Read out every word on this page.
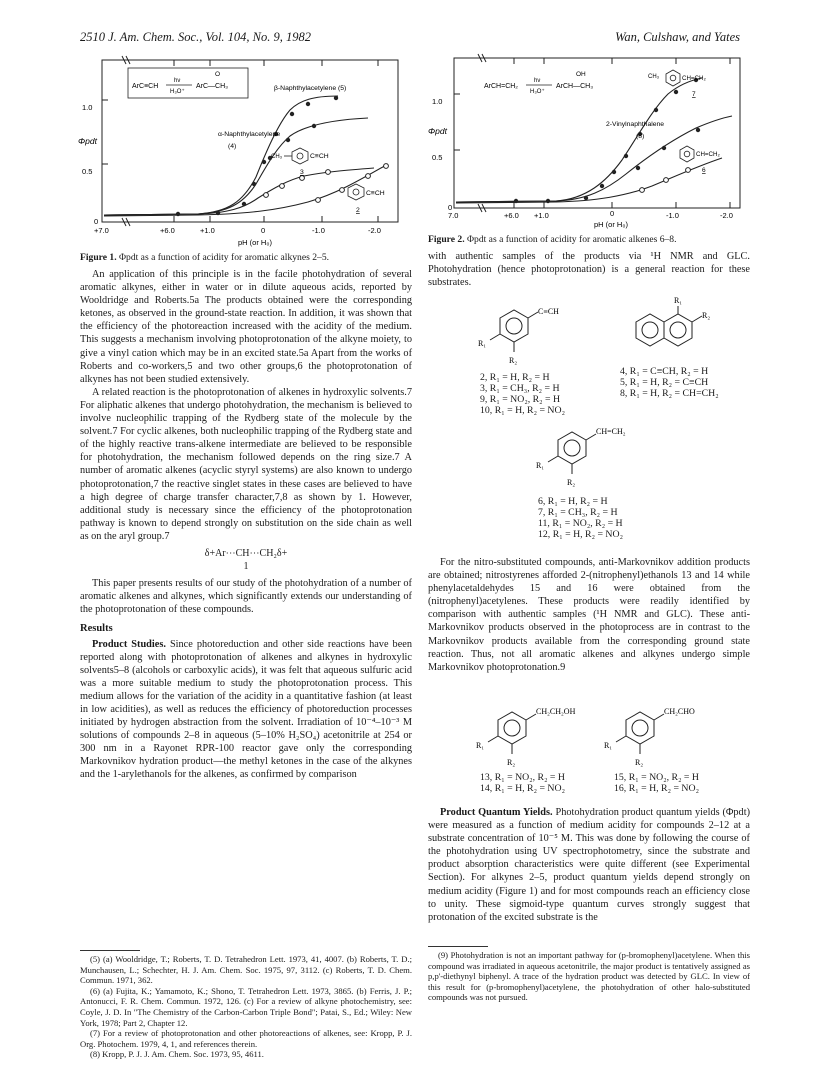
2510 J. Am. Chem. Soc., Vol. 104, No. 9, 1982	Wan, Culshaw, and Yates
1.0
0.5
0
Φpdt
+7.0	+6.0	+1.0	0	-1.0	-2.0
pH (or H₀)
ArC≡CH
hν
H₃O⁺
ArC—CH₃
O
β-Naphthylacetylene (5)
α-Naphthylacetylene
(4)
CH₃	C≡CH
3
C≡CH
2
Figure 1. Φpdt as a function of acidity for aromatic alkynes 2–5.

An application of this principle is in the facile photohydration of several aromatic alkynes, either in water or in dilute aqueous acids, reported by Wooldridge and Roberts.5a The products obtained were the corresponding ketones, as observed in the ground-state reaction. In addition, it was shown that the efficiency of the photoreaction increased with the acidity of the medium. This suggests a mechanism involving photoprotonation of the alkyne moiety, to give a vinyl cation which may be in an excited state.5a Apart from the works of Roberts and co-workers,5 and two other groups,6 the photoprotonation of alkynes has not been studied extensively.

A related reaction is the photoprotonation of alkenes in hydroxylic solvents.7 For aliphatic alkenes that undergo photohydration, the mechanism is believed to involve nucleophilic trapping of the Rydberg state of the molecule by the solvent.7 For cyclic alkenes, both nucleophilic trapping of the Rydberg state and of the highly reactive trans-alkene intermediate are believed to be responsible for photohydration, the mechanism followed depends on the ring size.7 A number of aromatic alkenes (acyclic styryl systems) are also known to undergo photoprotonation,7 the reactive singlet states in these cases are believed to have a high degree of charge transfer character,7,8 as shown by 1. However, additional study is necessary since the efficiency of the photoprotonation pathway is known to depend strongly on substitution on the side chain as well as on the aryl group.7

δ+Ar⋯CH⋯CH₂δ+
1

This paper presents results of our study of the photohydration of a number of aromatic alkenes and alkynes, which significantly extends our understanding of the photoprotonation of these compounds.

Results

Product Studies. Since photoreduction and other side reactions have been reported along with photoprotonation of alkenes and alkynes in hydroxylic solvents5–8 (alcohols or carboxylic acids), it was felt that aqueous sulfuric acid was a more suitable medium to study the photoprotonation process. This medium allows for the variation of the acidity in a quantitative fashion (at least in low acidities), as well as reduces the efficiency of photoreduction processes initiated by hydrogen abstraction from the solvent. Irradiation of 10⁻⁴–10⁻³ M solutions of compounds 2–8 in aqueous (5–10% H₂SO₄) acetonitrile at 254 or 300 nm in a Rayonet RPR-100 reactor gave only the corresponding Markovnikov hydration product—the methyl ketones in the case of the alkynes and the 1-arylethanols for the alkenes, as confirmed by comparison

(5) (a) Wooldridge, T.; Roberts, T. D. Tetrahedron Lett. 1973, 41, 4007. (b) Roberts, T. D.; Munchausen, L.; Schechter, H. J. Am. Chem. Soc. 1975, 97, 3112. (c) Roberts, T. D. Chem. Commun. 1971, 362.

(6) (a) Fujita, K.; Yamamoto, K.; Shono, T. Tetrahedron Lett. 1973, 3865. (b) Ferris, J. P.; Antonucci, F. R. Chem. Commun. 1972, 126. (c) For a review of alkyne photochemistry, see: Coyle, J. D. In "The Chemistry of the Carbon-Carbon Triple Bond"; Patai, S., Ed.; Wiley: New York, 1978; Part 2, Chapter 12.

(7) For a review of photoprotonation and other photoreactions of alkenes, see: Kropp, P. J. Org. Photochem. 1979, 4, 1, and references therein.

(8) Kropp, P. J. J. Am. Chem. Soc. 1973, 95, 4611.

1.0
0.5
0
Φpdt
7.0	+6.0 +1.0	0	-1.0	-2.0
pH (or H₀)
ArCH=CH₂
hν
H₃O⁺
ArCH—CH₃
OH	CH₃	CH=CH₂
7
2-Vinylnaphthalene
(8)
CH=CH₂
6
Figure 2. Φpdt as a function of acidity for aromatic alkenes 6–8.

with authentic samples of the products via ¹H NMR and GLC. Photohydration (hence photoprotonation) is a general reaction for these substrates.

C≡CH
R₁
R₂
2, R₁ = H, R₂ = H
3, R₁ = CH₃, R₂ = H
9, R₁ = NO₂, R₂ = H
10, R₁ = H, R₂ = NO₂
R₁
R₂
4, R₁ = C≡CH, R₂ = H
5, R₁ = H, R₂ = C≡CH
8, R₁ = H, R₂ = CH=CH₂
CH=CH₂
R₁
R₂
6, R₁ = H, R₂ = H
7, R₁ = CH₃, R₂ = H
11, R₁ = NO₂, R₂ = H
12, R₁ = H, R₂ = NO₂

For the nitro-substituted compounds, anti-Markovnikov addition products are obtained; nitrostyrenes afforded 2-(nitrophenyl)ethanols 13 and 14 while phenylacetaldehydes 15 and 16 were obtained from the (nitrophenyl)acetylenes. These products were readily identified by comparison with authentic samples (¹H NMR and GLC). These anti-Markovnikov products observed in the photoprocess are in contrast to the Markovnikov products available from the corresponding ground state reaction. Thus, not all aromatic alkenes and alkynes undergo simple Markovnikov photoprotonation.9

CH₂CH₂OH
R₁
R₂
CH₂CHO
R₁
R₂
13, R₁ = NO₂, R₂ = H
14, R₁ = H, R₂ = NO₂
15, R₁ = NO₂, R₂ = H
16, R₁ = H, R₂ = NO₂

Product Quantum Yields. Photohydration product quantum yields (Φpdt) were measured as a function of medium acidity for compounds 2–12 at a substrate concentration of 10⁻⁵ M. This was done by following the course of the photohydration using UV spectrophotometry, since the substrate and product absorption characteristics were quite different (see Experimental Section). For alkynes 2–5, product quantum yields depend strongly on medium acidity (Figure 1) and for most compounds reach an efficiency close to unity. These sigmoid-type quantum curves strongly suggest that protonation of the excited substrate is the

(9) Photohydration is not an important pathway for (p-bromophenyl)acetylene. When this compound was irradiated in aqueous acetonitrile, the major product is tentatively assigned as p,p'-diethynyl biphenyl. A trace of the hydration product was detected by GLC. In view of this result for (p-bromophenyl)acetylene, the photohydration of other halo-substituted compounds was not pursued.
